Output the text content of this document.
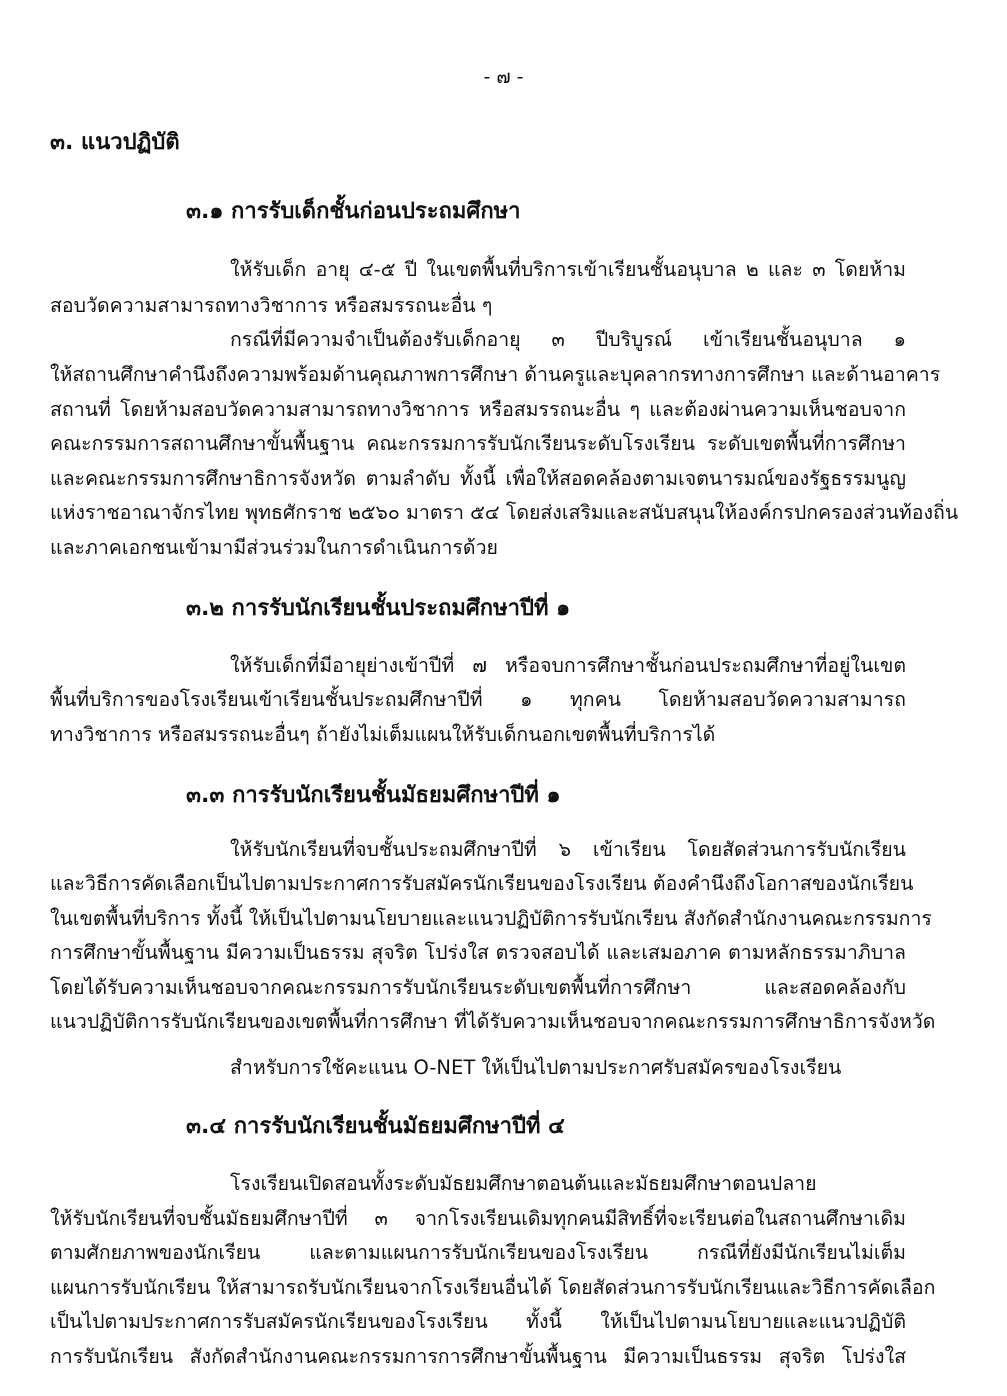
- ๗ -
๓. แนวปฏิบัติ
๓.๑ การรับเด็กชั้นก่อนประถมศึกษา
ให้รับเด็ก อายุ ๔-๕ ปี ในเขตพื้นที่บริการเข้าเรียนชั้นอนุบาล ๒ และ ๓ โดยห้าม
สอบวัดความสามารถทางวิชาการ หรือสมรรถนะอื่น ๆ
กรณีที่มีความจำเป็นต้องรับเด็กอายุ ๓ ปีบริบูรณ์ เข้าเรียนชั้นอนุบาล ๑
ให้สถานศึกษาคำนึงถึงความพร้อมด้านคุณภาพการศึกษา ด้านครูและบุคลากรทางการศึกษา และด้านอาคาร
สถานที่ โดยห้ามสอบวัดความสามารถทางวิชาการ หรือสมรรถนะอื่น ๆ และต้องผ่านความเห็นชอบจาก
คณะกรรมการสถานศึกษาขั้นพื้นฐาน คณะกรรมการรับนักเรียนระดับโรงเรียน ระดับเขตพื้นที่การศึกษา
และคณะกรรมการศึกษาธิการจังหวัด ตามลำดับ ทั้งนี้ เพื่อให้สอดคล้องตามเจตนารมณ์ของรัฐธรรมนูญ
แห่งราชอาณาจักรไทย พุทธศักราช ๒๕๖๐ มาตรา ๕๔ โดยส่งเสริมและสนับสนุนให้องค์กรปกครองส่วนท้องถิ่น
และภาคเอกชนเข้ามามีส่วนร่วมในการดำเนินการด้วย
๓.๒ การรับนักเรียนชั้นประถมศึกษาปีที่ ๑
ให้รับเด็กที่มีอายุย่างเข้าปีที่ ๗ หรือจบการศึกษาชั้นก่อนประถมศึกษาที่อยู่ในเขต
พื้นที่บริการของโรงเรียนเข้าเรียนชั้นประถมศึกษาปีที่ ๑ ทุกคน โดยห้ามสอบวัดความสามารถ
ทางวิชาการ หรือสมรรถนะอื่นๆ ถ้ายังไม่เต็มแผนให้รับเด็กนอกเขตพื้นที่บริการได้
๓.๓ การรับนักเรียนชั้นมัธยมศึกษาปีที่ ๑
ให้รับนักเรียนที่จบชั้นประถมศึกษาปีที่ ๖ เข้าเรียน โดยสัดส่วนการรับนักเรียน
และวิธีการคัดเลือกเป็นไปตามประกาศการรับสมัครนักเรียนของโรงเรียน ต้องคำนึงถึงโอกาสของนักเรียน
ในเขตพื้นที่บริการ ทั้งนี้ ให้เป็นไปตามนโยบายและแนวปฏิบัติการรับนักเรียน สังกัดสำนักงานคณะกรรมการ
การศึกษาขั้นพื้นฐาน มีความเป็นธรรม สุจริต โปร่งใส ตรวจสอบได้ และเสมอภาค ตามหลักธรรมาภิบาล
โดยได้รับความเห็นชอบจากคณะกรรมการรับนักเรียนระดับเขตพื้นที่การศึกษา และสอดคล้องกับ
แนวปฏิบัติการรับนักเรียนของเขตพื้นที่การศึกษา ที่ได้รับความเห็นชอบจากคณะกรรมการศึกษาธิการจังหวัด
สำหรับการใช้คะแนน O-NET ให้เป็นไปตามประกาศรับสมัครของโรงเรียน
๓.๔ การรับนักเรียนชั้นมัธยมศึกษาปีที่ ๔
โรงเรียนเปิดสอนทั้งระดับมัธยมศึกษาตอนต้นและมัธยมศึกษาตอนปลาย
ให้รับนักเรียนที่จบชั้นมัธยมศึกษาปีที่ ๓ จากโรงเรียนเดิมทุกคนมีสิทธิ์ที่จะเรียนต่อในสถานศึกษาเดิม
ตามศักยภาพของนักเรียน และตามแผนการรับนักเรียนของโรงเรียน กรณีที่ยังมีนักเรียนไม่เต็ม
แผนการรับนักเรียน ให้สามารถรับนักเรียนจากโรงเรียนอื่นได้ โดยสัดส่วนการรับนักเรียนและวิธีการคัดเลือก
เป็นไปตามประกาศการรับสมัครนักเรียนของโรงเรียน ทั้งนี้ ให้เป็นไปตามนโยบายและแนวปฏิบัติ
การรับนักเรียน สังกัดสำนักงานคณะกรรมการการศึกษาขั้นพื้นฐาน มีความเป็นธรรม สุจริต โปร่งใส
